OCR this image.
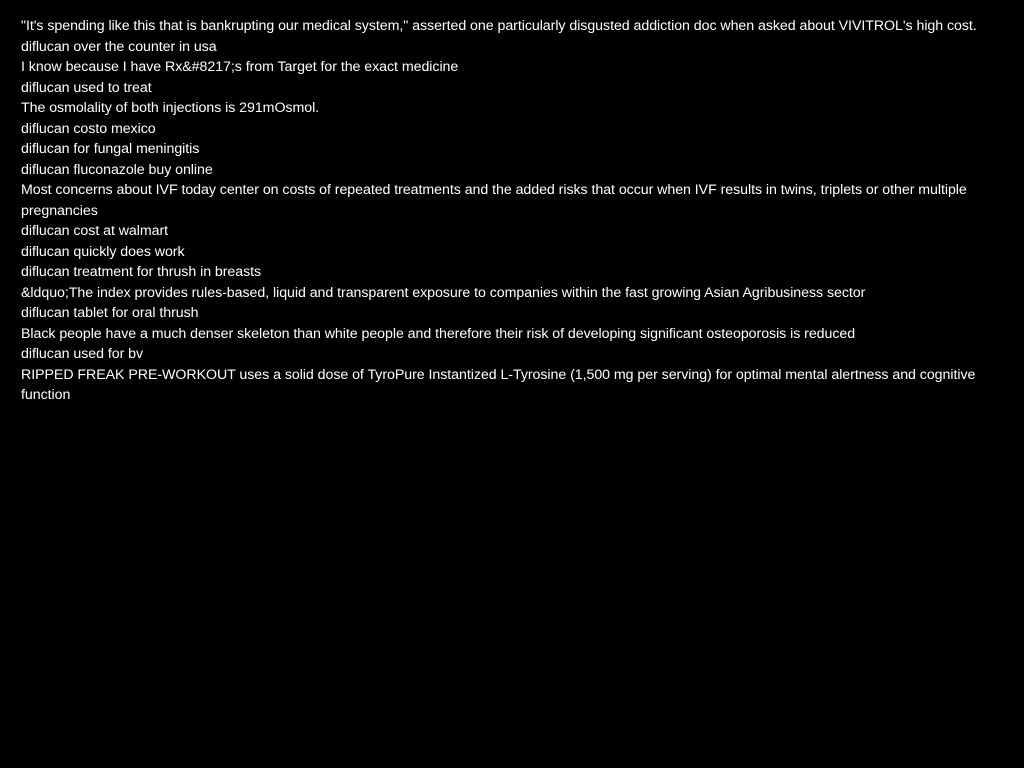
"It's spending like this that is bankrupting our medical system," asserted one particularly disgusted addiction doc when asked about VIVITROL's high cost.
diflucan over the counter in usa
I know because I have Rx&#8217;s from Target for the exact medicine
diflucan used to treat
The osmolality of both injections is 291mOsmol.
diflucan costo mexico
diflucan for fungal meningitis
diflucan fluconazole buy online
Most concerns about IVF today center on costs of repeated treatments and the added risks that occur when IVF results in twins, triplets or other multiple pregnancies
diflucan cost at walmart
diflucan quickly does work
diflucan treatment for thrush in breasts
&ldquo;The index provides rules-based, liquid and transparent exposure to companies within the fast growing Asian Agribusiness sector
diflucan tablet for oral thrush
Black people have a much denser skeleton than white people and therefore their risk of developing significant osteoporosis is reduced
diflucan used for bv
RIPPED FREAK PRE-WORKOUT uses a solid dose of TyroPure Instantized L-Tyrosine (1,500 mg per serving) for optimal mental alertness and cognitive function
